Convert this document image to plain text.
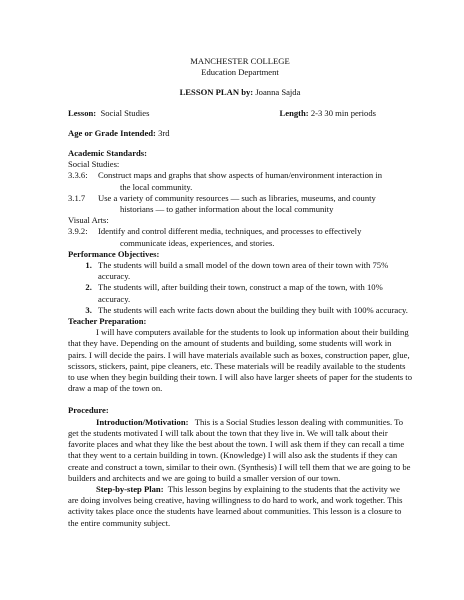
MANCHESTER COLLEGE
Education Department
LESSON PLAN by: Joanna Sajda
Lesson: Social Studies	Length: 2-3 30 min periods
Age or Grade Intended: 3rd
Academic Standards:
Social Studies:
3.3.6:	Construct maps and graphs that show aspects of human/environment interaction in
the local community.
3.1.7	Use a variety of community resources — such as libraries, museums, and county
historians — to gather information about the local community
Visual Arts:
3.9.2:	Identify and control different media, techniques, and processes to effectively
communicate ideas, experiences, and stories.
Performance Objectives:
1. The students will build a small model of the down town area of their town with 75% accuracy.
2. The students will, after building their town, construct a map of the town, with 10% accuracy.
3. The students will each write facts down about the building they built with 100% accuracy.
Teacher Preparation:
I will have computers available for the students to look up information about their building that they have. Depending on the amount of students and building, some students will work in pairs. I will decide the pairs. I will have materials available such as boxes, construction paper, glue, scissors, stickers, paint, pipe cleaners, etc. These materials will be readily available to the students to use when they begin building their town. I will also have larger sheets of paper for the students to draw a map of the town on.
Procedure:
Introduction/Motivation: This is a Social Studies lesson dealing with communities. To get the students motivated I will talk about the town that they live in. We will talk about their favorite places and what they like the best about the town. I will ask them if they can recall a time that they went to a certain building in town. (Knowledge) I will also ask the students if they can create and construct a town, similar to their own. (Synthesis) I will tell them that we are going to be builders and architects and we are going to build a smaller version of our town.
Step-by-step Plan: This lesson begins by explaining to the students that the activity we are doing involves being creative, having willingness to do hard to work, and work together. This activity takes place once the students have learned about communities. This lesson is a closure to the entire community subject.
